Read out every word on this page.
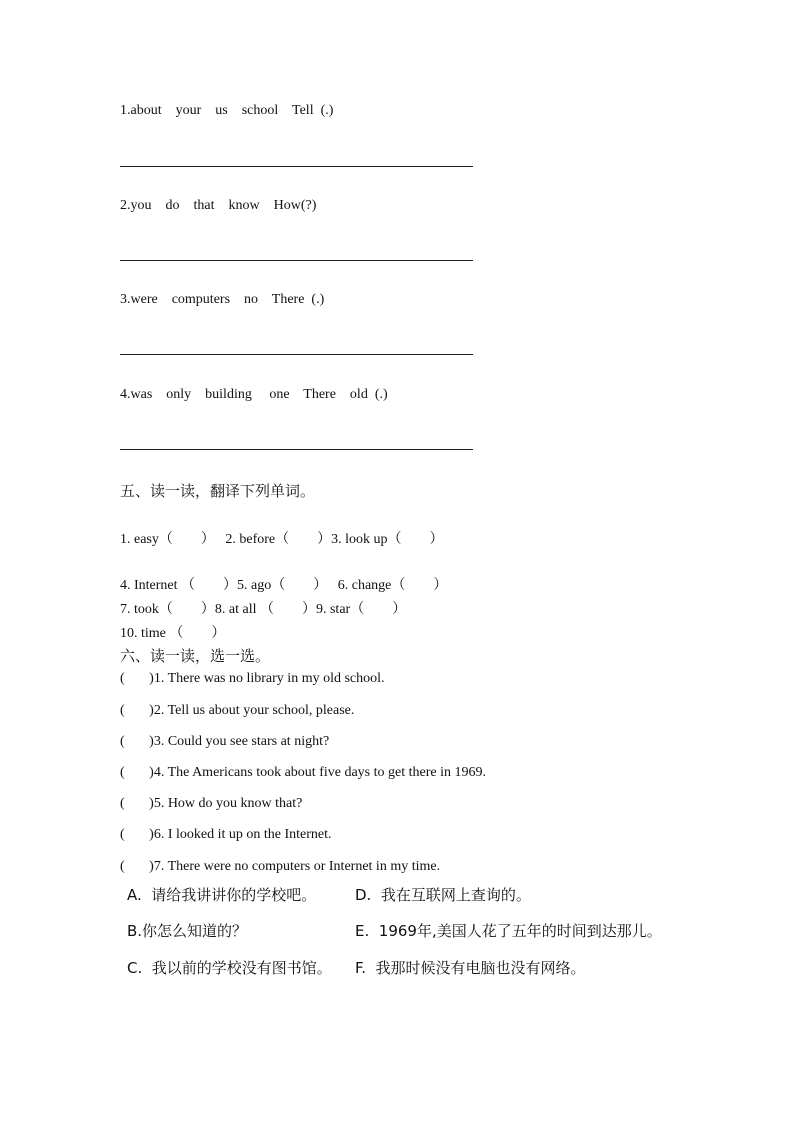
1.about    your    us    school    Tell  (.)
2.you    do    that    know    How(?)
3.were    computers    no    There  (.)
4.was    only    building     one    There    old  (.)
五、读一读，翻译下列单词。
1. easy（        ）   2. before（        ）3. look up（        ）
4. Internet （        ）5. ago（        ）   6. change（        ）
7. took（        ）8. at all （        ）9. star（        ）
10. time （        ）
六、读一读，选一选。
(       )1. There was no library in my old school.
(       )2. Tell us about your school, please.
(       )3. Could you see stars at night?
(       )4. The Americans took about five days to get there in 1969.
(       )5. How do you know that?
(       )6. I looked it up on the Internet.
(       )7. There were no computers or Internet in my time.
A.  请给我讲讲你的学校吧。	D.  我在互联网上查询的。
B.你怎么知道的？	E.  1969年,美国人花了五年的时间到达那儿。
C.  我以前的学校没有图书馆。 F.  我那时候没有电脑也没有网络。
